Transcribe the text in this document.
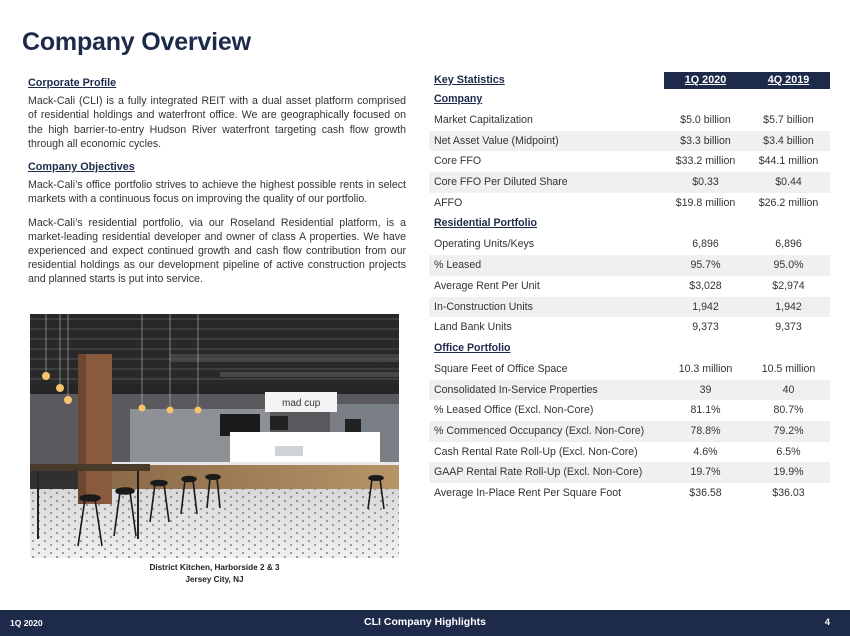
Company Overview
Corporate Profile
Mack-Cali (CLI) is a fully integrated REIT with a dual asset platform comprised of residential holdings and waterfront office. We are geographically focused on the high barrier-to-entry Hudson River waterfront targeting cash flow growth through all economic cycles.
Company Objectives
Mack-Cali’s office portfolio strives to achieve the highest possible rents in select markets with a continuous focus on improving the quality of our portfolio.
Mack-Cali’s residential portfolio, via our Roseland Residential platform, is a market-leading residential developer and owner of class A properties. We have experienced and expect continued growth and cash flow contribution from our residential holdings as our development pipeline of active construction projects and planned starts is put into service.
mad cup
District Kitchen, Harborside 2 & 3
Jersey City, NJ
Key Statistics	1Q 2020	4Q 2019
Company
Market Capitalization	$5.0 billion	$5.7 billion
Net Asset Value (Midpoint)	$3.3 billion	$3.4 billion
Core FFO	$33.2 million	$44.1 million
Core FFO Per Diluted Share	$0.33	$0.44
AFFO	$19.8 million	$26.2 million
Residential Portfolio
Operating Units/Keys	6,896	6,896
% Leased	95.7%	95.0%
Average Rent Per Unit	$3,028	$2,974
In-Construction Units	1,942	1,942
Land Bank Units	9,373	9,373
Office Portfolio
Square Feet of Office Space	10.3 million	10.5 million
Consolidated In-Service Properties	39	40
% Leased Office (Excl. Non-Core)	81.1%	80.7%
% Commenced Occupancy (Excl. Non-Core)	78.8%	79.2%
Cash Rental Rate Roll-Up (Excl. Non-Core)	4.6%	6.5%
GAAP Rental Rate Roll-Up (Excl. Non-Core)	19.7%	19.9%
Average In-Place Rent Per Square Foot	$36.58	$36.03
1Q 2020	CLI Company Highlights	4
